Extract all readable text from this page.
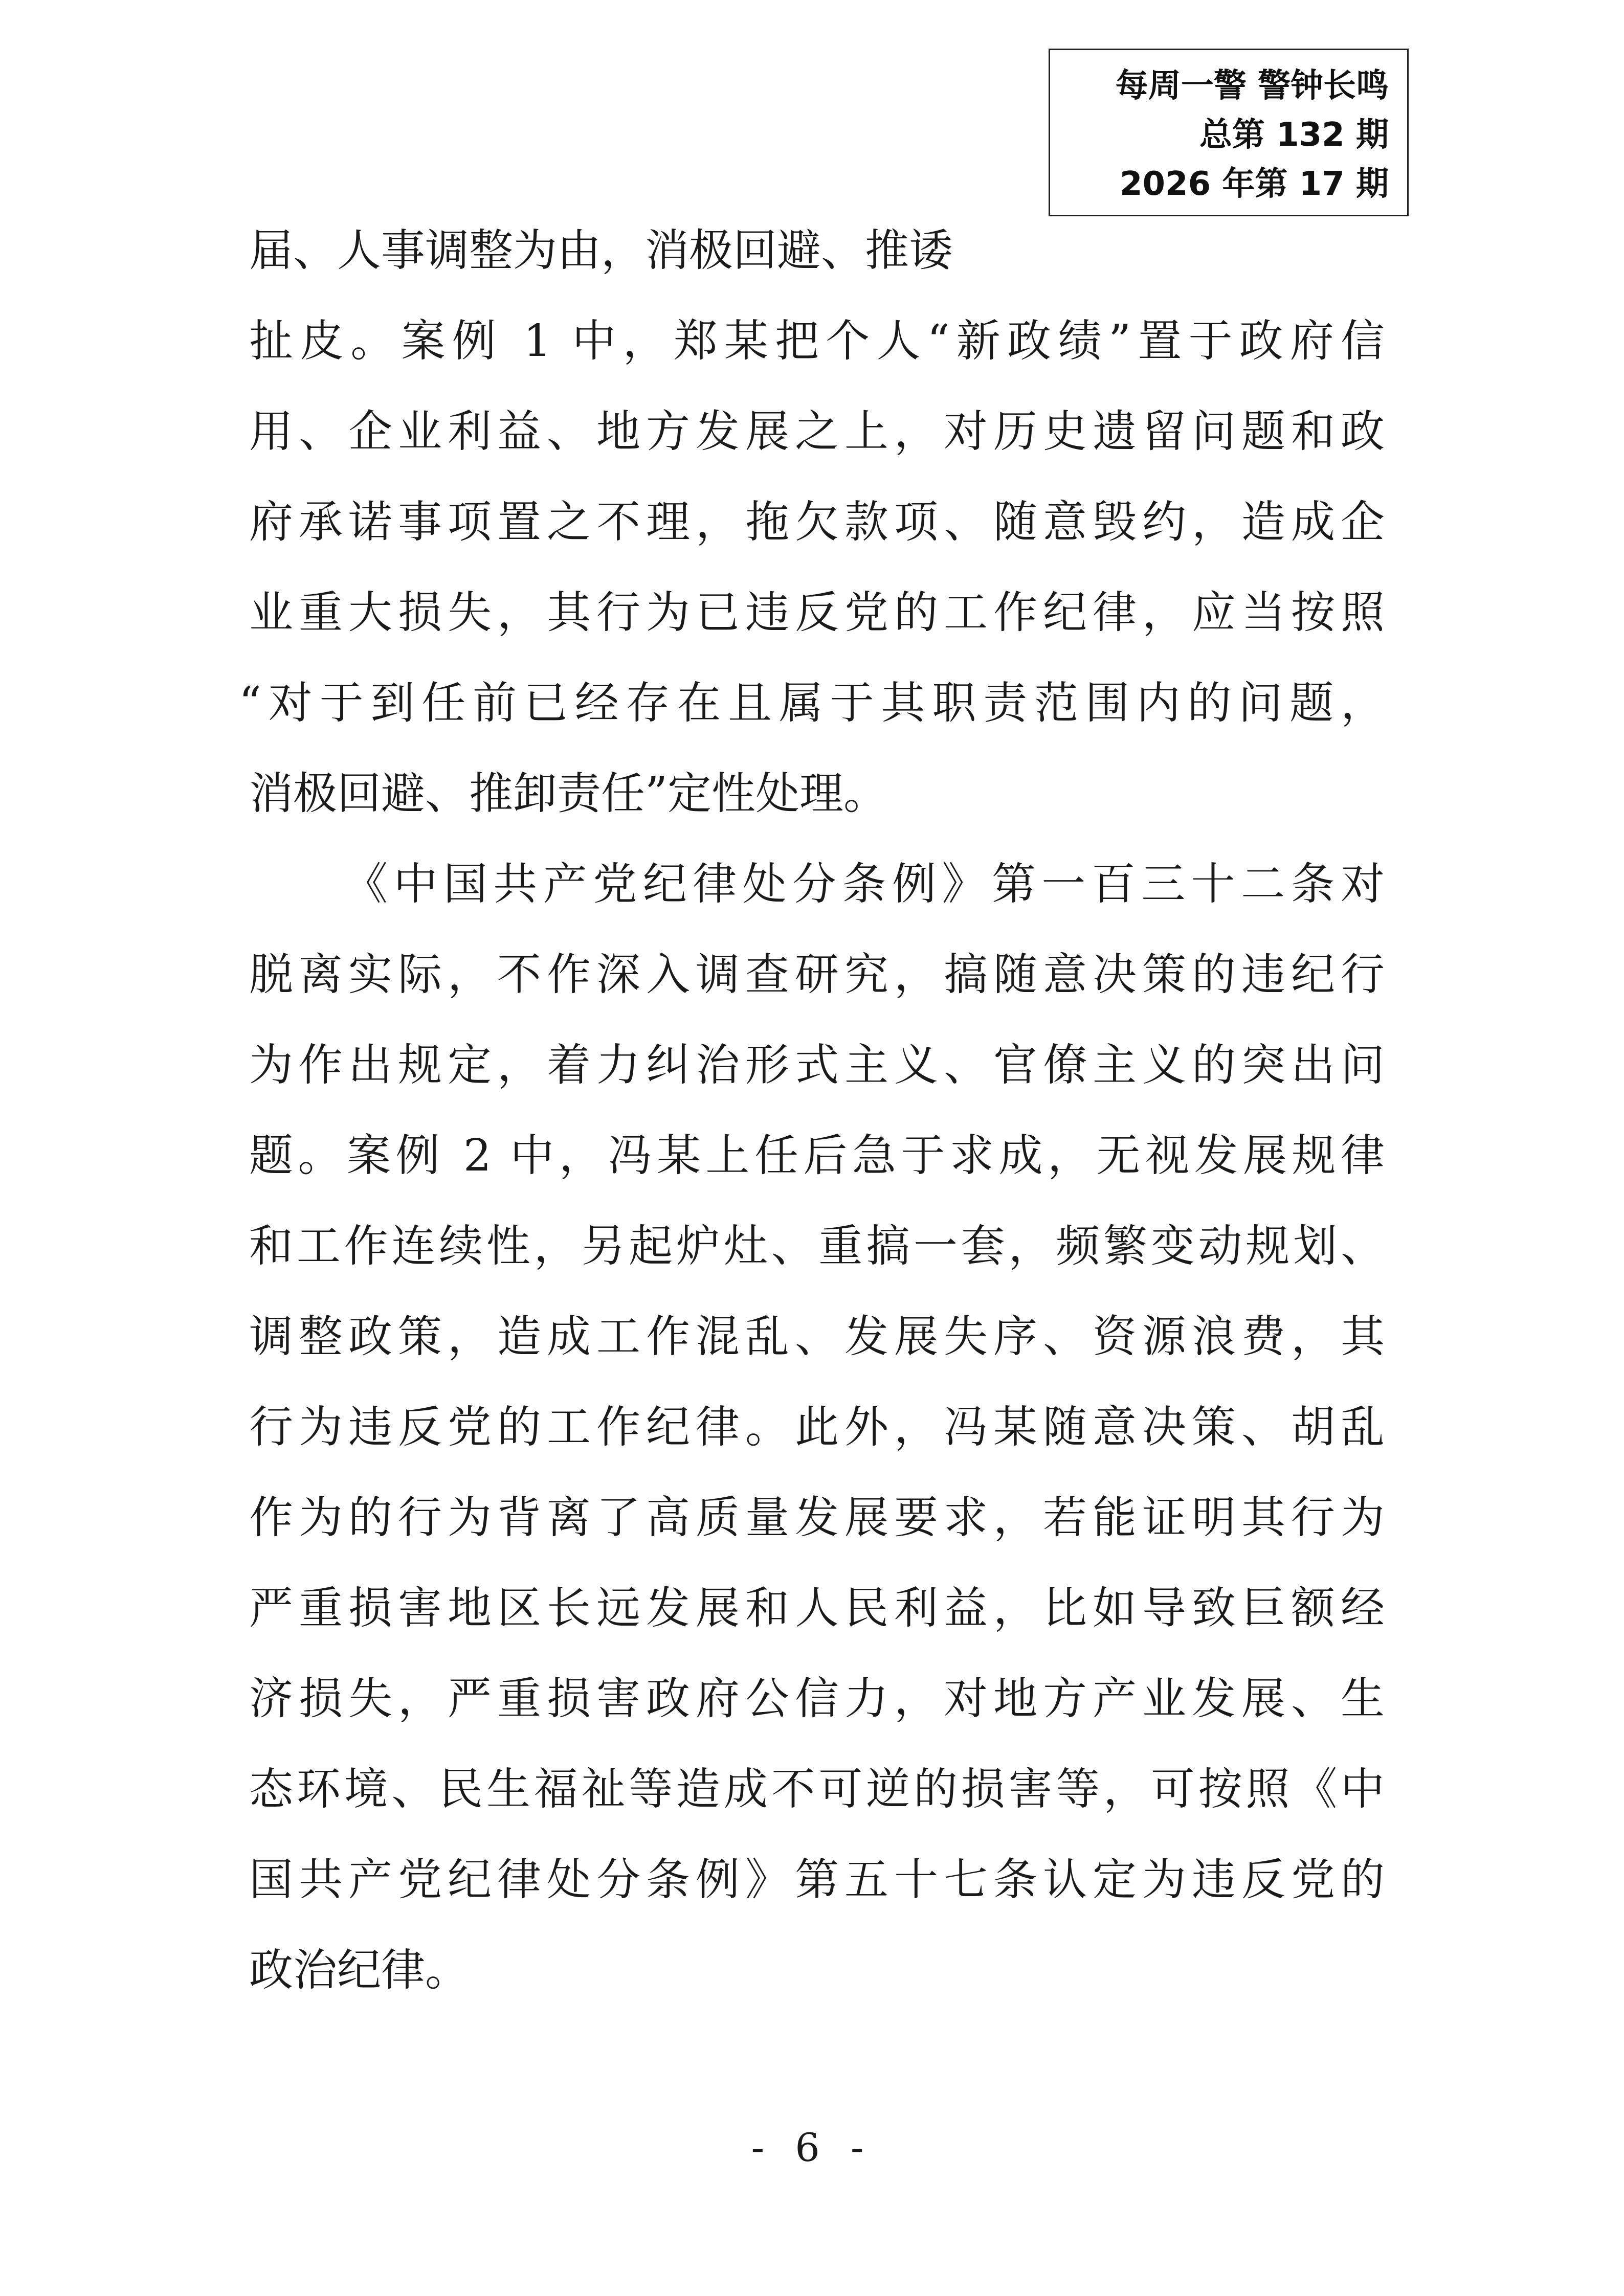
每周一警 警钟长鸣
总第 132 期
2026 年第 17 期
届、人事调整为由，消极回避、推诿
扯皮。案例 1 中，郑某把个人“新政绩”置于政府信
用、企业利益、地方发展之上，对历史遗留问题和政
府承诺事项置之不理，拖欠款项、随意毁约，造成企
业重大损失，其行为已违反党的工作纪律，应当按照
“对于到任前已经存在且属于其职责范围内的问题，
消极回避、推卸责任”定性处理。
《中国共产党纪律处分条例》第一百三十二条对
脱离实际，不作深入调查研究，搞随意决策的违纪行
为作出规定，着力纠治形式主义、官僚主义的突出问
题。案例 2 中，冯某上任后急于求成，无视发展规律
和工作连续性，另起炉灶、重搞一套，频繁变动规划、
调整政策，造成工作混乱、发展失序、资源浪费，其
行为违反党的工作纪律。此外，冯某随意决策、胡乱
作为的行为背离了高质量发展要求，若能证明其行为
严重损害地区长远发展和人民利益，比如导致巨额经
济损失，严重损害政府公信力，对地方产业发展、生
态环境、民生福祉等造成不可逆的损害等，可按照《中
国共产党纪律处分条例》第五十七条认定为违反党的
政治纪律。
- 6 -
